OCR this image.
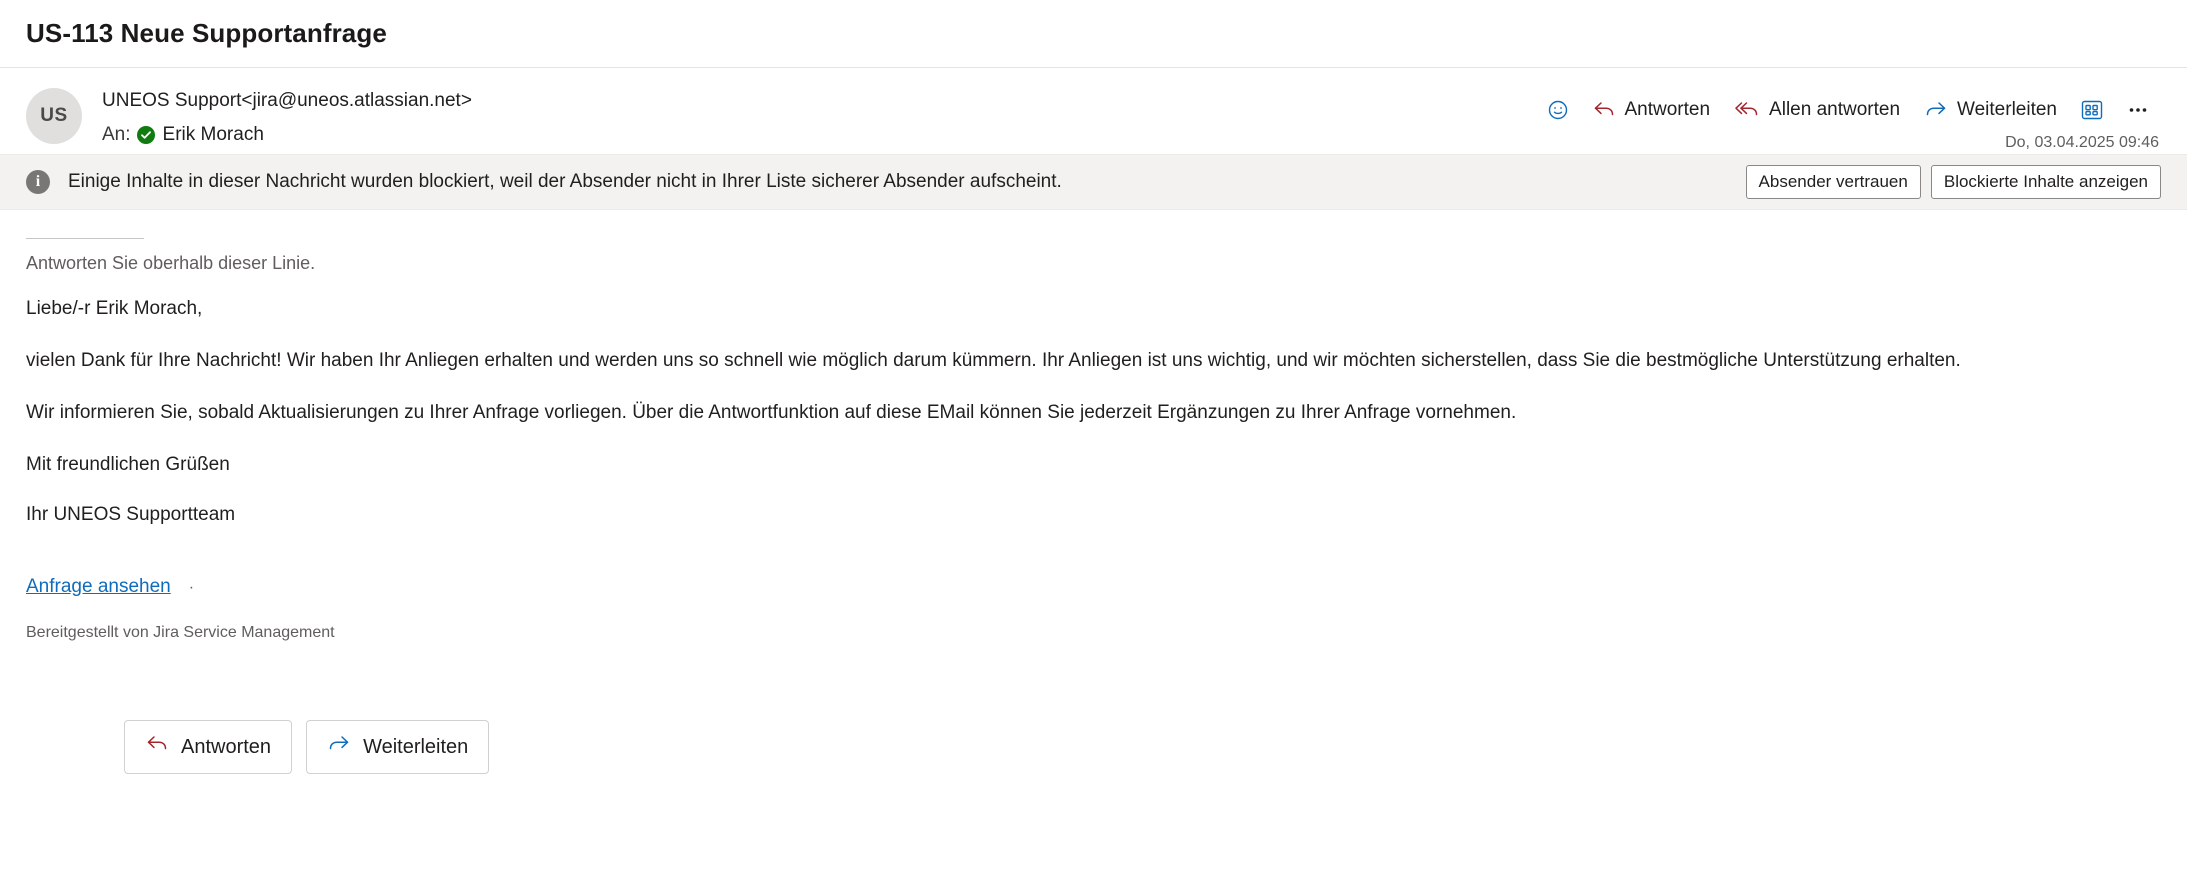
US-113 Neue Supportanfrage
US
UNEOS Support<jira@uneos.atlassian.net>
An: Erik Morach
Antworten	Allen antworten	Weiterleiten
Do, 03.04.2025 09:46
i	Einige Inhalte in dieser Nachricht wurden blockiert, weil der Absender nicht in Ihrer Liste sicherer Absender aufscheint.	Absender vertrauen	Blockierte Inhalte anzeigen
Antworten Sie oberhalb dieser Linie.

Liebe/-r Erik Morach,

vielen Dank für Ihre Nachricht! Wir haben Ihr Anliegen erhalten und werden uns so schnell wie möglich darum kümmern. Ihr Anliegen ist uns wichtig, und wir möchten sicherstellen, dass Sie die bestmögliche Unterstützung erhalten.

Wir informieren Sie, sobald Aktualisierungen zu Ihrer Anfrage vorliegen. Über die Antwortfunktion auf diese EMail können Sie jederzeit Ergänzungen zu Ihrer Anfrage vornehmen.

Mit freundlichen Grüßen

Ihr UNEOS Supportteam

Anfrage ansehen ·
Bereitgestellt von Jira Service Management
Antworten	Weiterleiten
